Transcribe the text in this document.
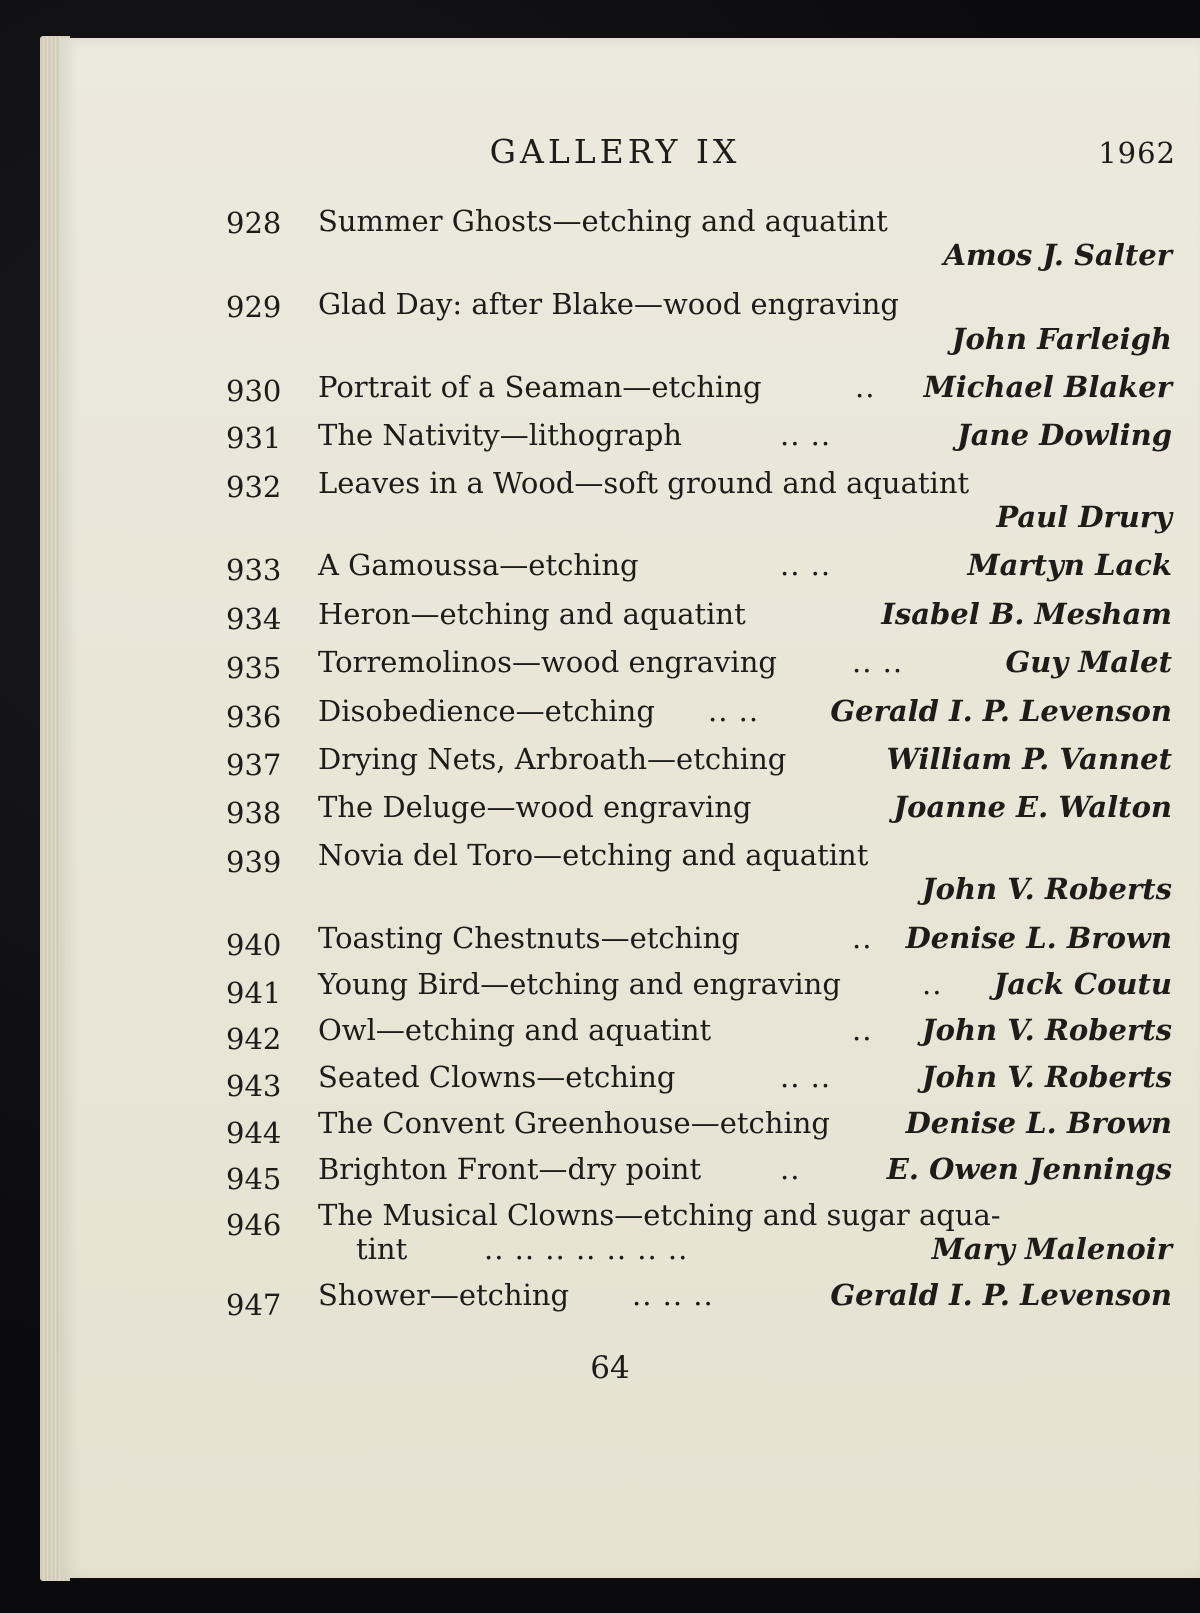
GALLERY IX	1962
928 Summer Ghosts—etching and aquatint
Amos J. Salter
929 Glad Day: after Blake—wood engraving
John Farleigh
930 Portrait of a Seaman—etching	.. Michael Blaker
931 The Nativity—lithograph	.. ..	Jane Dowling
932 Leaves in a Wood—soft ground and aquatint
Paul Drury
933 A Gamoussa—etching	.. ..	Martyn Lack
934 Heron—etching and aquatint	Isabel B. Mesham
935 Torremolinos—wood engraving	.. ..	Guy Malet
936 Disobedience—etching .. .. Gerald I. P. Levenson
937 Drying Nets, Arbroath—etching	William P. Vannet
938 The Deluge—wood engraving	Joanne E. Walton
939 Novia del Toro—etching and aquatint
John V. Roberts
940 Toasting Chestnuts—etching	.. Denise L. Brown
941 Young Bird—etching and engraving	.. Jack Coutu
942 Owl—etching and aquatint	.. John V. Roberts
943 Seated Clowns—etching	.. ..	John V. Roberts
944 The Convent Greenhouse—etching	Denise L. Brown
945 Brighton Front—dry point	..	E. Owen Jennings
946 The Musical Clowns—etching and sugar aqua-
tint	.. .. .. .. .. .. ..	Mary Malenoir
947 Shower—etching .. .. ..	Gerald I. P. Levenson
64
